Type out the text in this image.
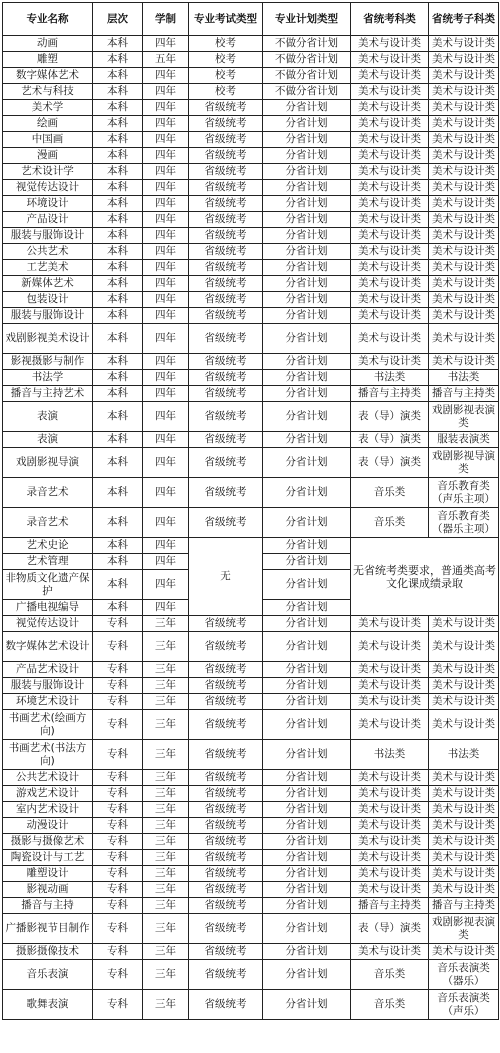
专业名称	层次	学制	专业考试类型	专业计划类型	省统考科类	省统考子科类
动画	本科	四年	校考	不做分省计划	美术与设计类	美术与设计类
雕塑	本科	五年	校考	不做分省计划	美术与设计类	美术与设计类
数字媒体艺术	本科	四年	校考	不做分省计划	美术与设计类	美术与设计类
艺术与科技	本科	四年	校考	不做分省计划	美术与设计类	美术与设计类
美术学	本科	四年	省级统考	分省计划	美术与设计类	美术与设计类
绘画	本科	四年	省级统考	分省计划	美术与设计类	美术与设计类
中国画	本科	四年	省级统考	分省计划	美术与设计类	美术与设计类
漫画	本科	四年	省级统考	分省计划	美术与设计类	美术与设计类
艺术设计学	本科	四年	省级统考	分省计划	美术与设计类	美术与设计类
视觉传达设计	本科	四年	省级统考	分省计划	美术与设计类	美术与设计类
环境设计	本科	四年	省级统考	分省计划	美术与设计类	美术与设计类
产品设计	本科	四年	省级统考	分省计划	美术与设计类	美术与设计类
服装与服饰设计	本科	四年	省级统考	分省计划	美术与设计类	美术与设计类
公共艺术	本科	四年	省级统考	分省计划	美术与设计类	美术与设计类
工艺美术	本科	四年	省级统考	分省计划	美术与设计类	美术与设计类
新媒体艺术	本科	四年	省级统考	分省计划	美术与设计类	美术与设计类
包装设计	本科	四年	省级统考	分省计划	美术与设计类	美术与设计类
服装与服饰设计	本科	四年	省级统考	分省计划	美术与设计类	美术与设计类
戏剧影视美术设计	本科	四年	省级统考	分省计划	美术与设计类	美术与设计类
影视摄影与制作	本科	四年	省级统考	分省计划	美术与设计类	美术与设计类
书法学	本科	四年	省级统考	分省计划	书法类	书法类
播音与主持艺术	本科	四年	省级统考	分省计划	播音与主持类	播音与主持类
表演	本科	四年	省级统考	分省计划	表（导）演类	戏剧影视表演类
表演	本科	四年	省级统考	分省计划	表（导）演类	服装表演类
戏剧影视导演	本科	四年	省级统考	分省计划	表（导）演类	戏剧影视导演类
录音艺术	本科	四年	省级统考	分省计划	音乐类	音乐教育类（声乐主项）
录音艺术	本科	四年	省级统考	分省计划	音乐类	音乐教育类（器乐主项）
艺术史论	本科	四年	无	分省计划	无省统考类要求，普通类高考文化课成绩录取	
艺术管理	本科	四年		分省计划		
非物质文化遗产保护	本科	四年		分省计划		
广播电视编导	本科	四年		分省计划		
视觉传达设计	专科	三年	省级统考	分省计划	美术与设计类	美术与设计类
数字媒体艺术设计	专科	三年	省级统考	分省计划	美术与设计类	美术与设计类
产品艺术设计	专科	三年	省级统考	分省计划	美术与设计类	美术与设计类
服装与服饰设计	专科	三年	省级统考	分省计划	美术与设计类	美术与设计类
环境艺术设计	专科	三年	省级统考	分省计划	美术与设计类	美术与设计类
书画艺术(绘画方向)	专科	三年	省级统考	分省计划	美术与设计类	美术与设计类
书画艺术(书法方向)	专科	三年	省级统考	分省计划	书法类	书法类
公共艺术设计	专科	三年	省级统考	分省计划	美术与设计类	美术与设计类
游戏艺术设计	专科	三年	省级统考	分省计划	美术与设计类	美术与设计类
室内艺术设计	专科	三年	省级统考	分省计划	美术与设计类	美术与设计类
动漫设计	专科	三年	省级统考	分省计划	美术与设计类	美术与设计类
摄影与摄像艺术	专科	三年	省级统考	分省计划	美术与设计类	美术与设计类
陶瓷设计与工艺	专科	三年	省级统考	分省计划	美术与设计类	美术与设计类
雕塑设计	专科	三年	省级统考	分省计划	美术与设计类	美术与设计类
影视动画	专科	三年	省级统考	分省计划	美术与设计类	美术与设计类
播音与主持	专科	三年	省级统考	分省计划	播音与主持类	播音与主持类
广播影视节目制作	专科	三年	省级统考	分省计划	表（导）演类	戏剧影视表演类
摄影摄像技术	专科	三年	省级统考	分省计划	美术与设计类	美术与设计类
音乐表演	专科	三年	省级统考	分省计划	音乐类	音乐表演类（器乐）
歌舞表演	专科	三年	省级统考	分省计划	音乐类	音乐表演类（声乐）
